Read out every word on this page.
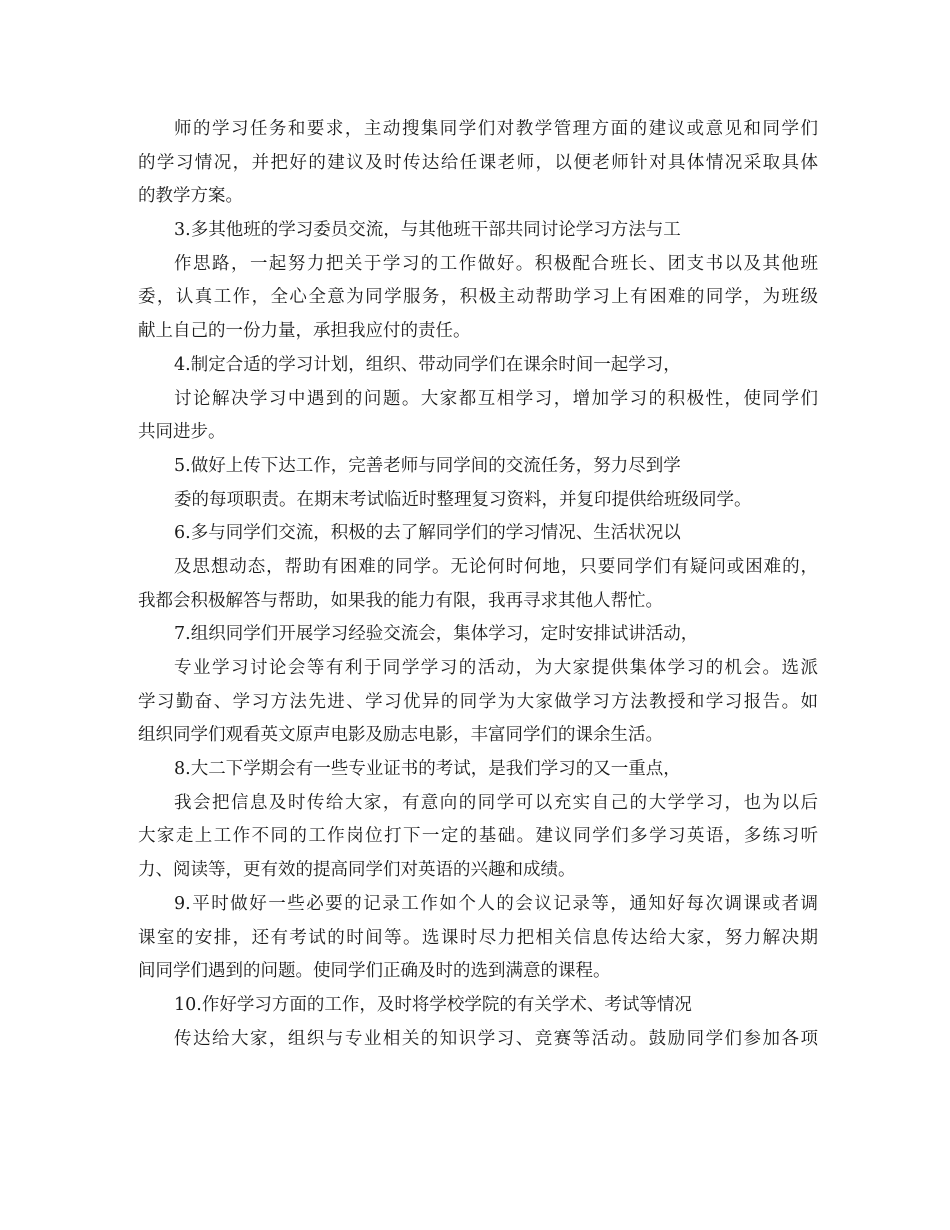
师的学习任务和要求，主动搜集同学们对教学管理方面的建议或意见和同学们
的学习情况，并把好的建议及时传达给任课老师，以便老师针对具体情况采取具体
的教学方案。
3.多其他班的学习委员交流，与其他班干部共同讨论学习方法与工
作思路，一起努力把关于学习的工作做好。积极配合班长、团支书以及其他班
委，认真工作，全心全意为同学服务，积极主动帮助学习上有困难的同学，为班级
献上自己的一份力量，承担我应付的责任。
4.制定合适的学习计划，组织、带动同学们在课余时间一起学习，
讨论解决学习中遇到的问题。大家都互相学习，增加学习的积极性，使同学们
共同进步。
5.做好上传下达工作，完善老师与同学间的交流任务，努力尽到学
委的每项职责。在期末考试临近时整理复习资料，并复印提供给班级同学。
6.多与同学们交流，积极的去了解同学们的学习情况、生活状况以
及思想动态，帮助有困难的同学。无论何时何地，只要同学们有疑问或困难的，
我都会积极解答与帮助，如果我的能力有限，我再寻求其他人帮忙。
7.组织同学们开展学习经验交流会，集体学习，定时安排试讲活动，
专业学习讨论会等有利于同学学习的活动，为大家提供集体学习的机会。选派
学习勤奋、学习方法先进、学习优异的同学为大家做学习方法教授和学习报告。如
组织同学们观看英文原声电影及励志电影，丰富同学们的课余生活。
8.大二下学期会有一些专业证书的考试，是我们学习的又一重点，
我会把信息及时传给大家，有意向的同学可以充实自己的大学学习，也为以后
大家走上工作不同的工作岗位打下一定的基础。建议同学们多学习英语，多练习听
力、阅读等，更有效的提高同学们对英语的兴趣和成绩。
9.平时做好一些必要的记录工作如个人的会议记录等，通知好每次调课或者调
课室的安排，还有考试的时间等。选课时尽力把相关信息传达给大家，努力解决期
间同学们遇到的问题。使同学们正确及时的选到满意的课程。
10.作好学习方面的工作，及时将学校学院的有关学术、考试等情况
传达给大家，组织与专业相关的知识学习、竞赛等活动。鼓励同学们参加各项
